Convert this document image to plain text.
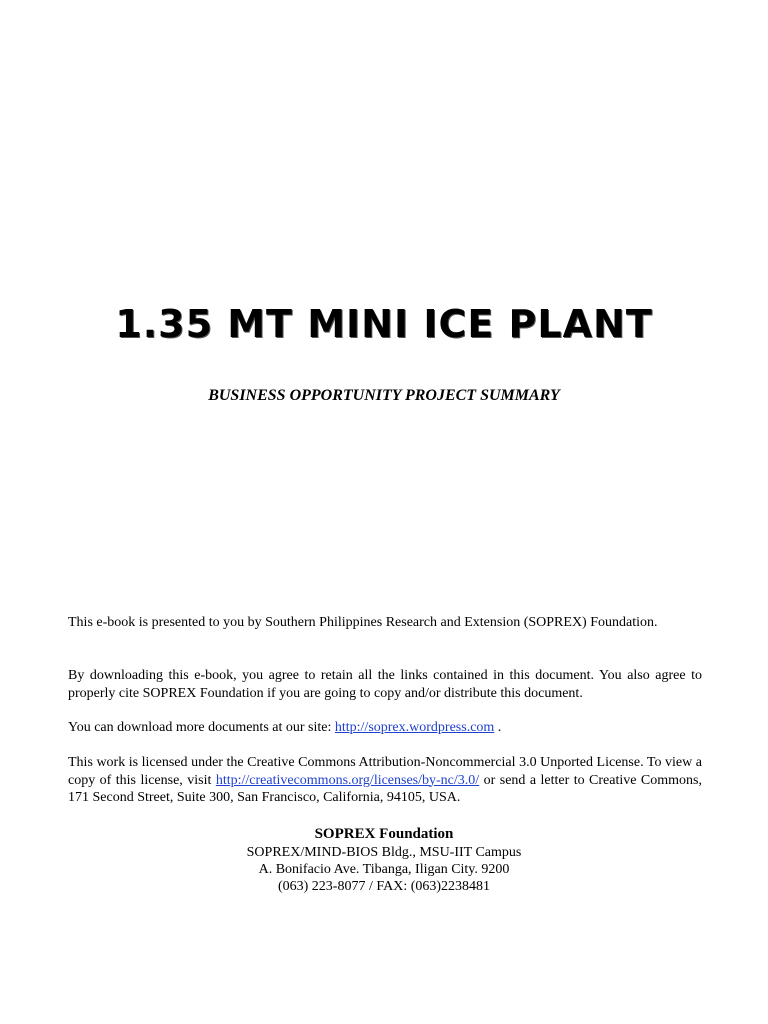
1.35 MT MINI ICE PLANT

BUSINESS OPPORTUNITY PROJECT SUMMARY

This e-book is presented to you by Southern Philippines Research and Extension (SOPREX) Foundation.

By downloading this e-book, you agree to retain all the links contained in this document. You also agree to properly cite SOPREX Foundation if you are going to copy and/or distribute this document.

You can download more documents at our site: http://soprex.wordpress.com .

This work is licensed under the Creative Commons Attribution-Noncommercial 3.0 Unported License. To view a copy of this license, visit http://creativecommons.org/licenses/by-nc/3.0/ or send a letter to Creative Commons, 171 Second Street, Suite 300, San Francisco, California, 94105, USA.

SOPREX Foundation
SOPREX/MIND-BIOS Bldg., MSU-IIT Campus
A. Bonifacio Ave. Tibanga, Iligan City. 9200
(063) 223-8077 / FAX: (063)2238481
